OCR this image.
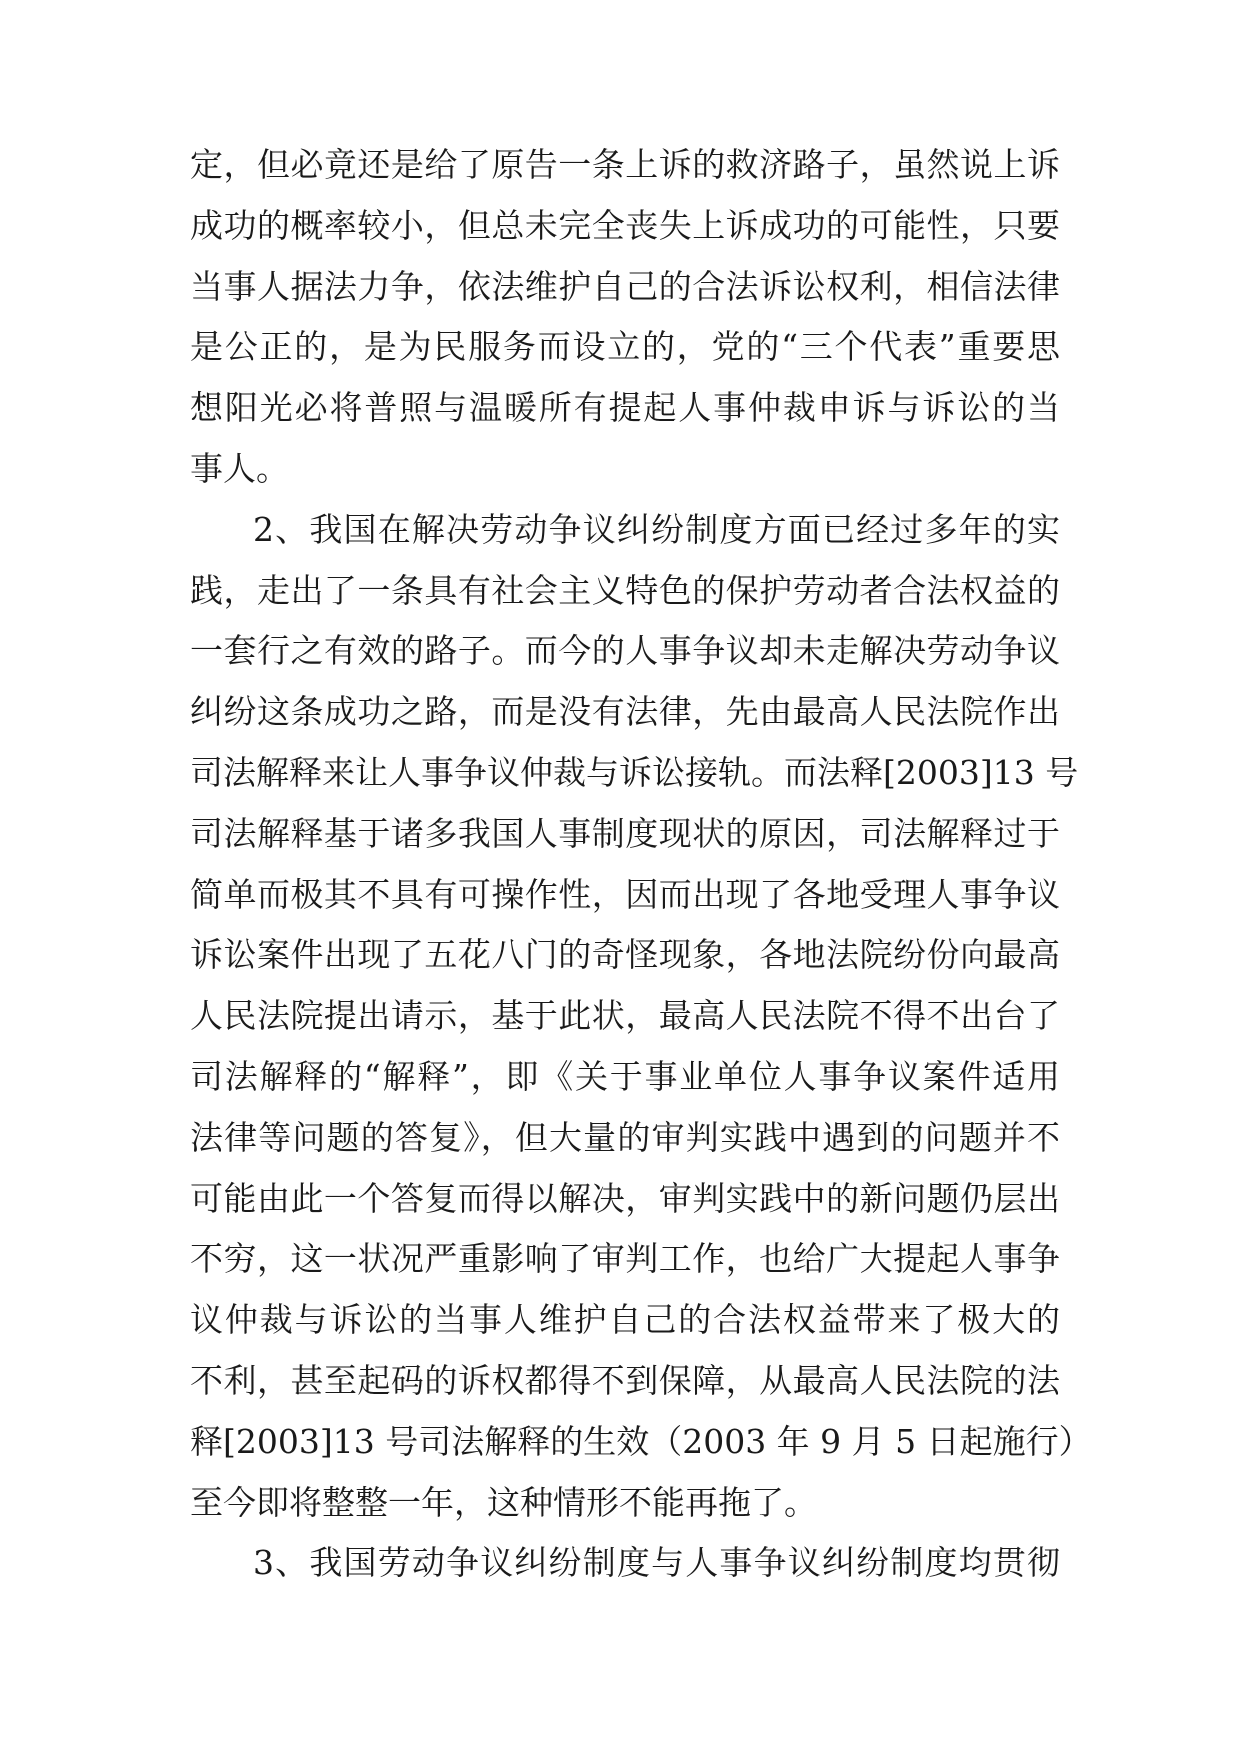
定，但必竟还是给了原告一条上诉的救济路子，虽然说上诉
成功的概率较小，但总未完全丧失上诉成功的可能性，只要
当事人据法力争，依法维护自己的合法诉讼权利，相信法律
是公正的，是为民服务而设立的，党的“三个代表”重要思
想阳光必将普照与温暖所有提起人事仲裁申诉与诉讼的当
事人。
2、我国在解决劳动争议纠纷制度方面已经过多年的实
践，走出了一条具有社会主义特色的保护劳动者合法权益的
一套行之有效的路子。而今的人事争议却未走解决劳动争议
纠纷这条成功之路，而是没有法律，先由最高人民法院作出
司法解释来让人事争议仲裁与诉讼接轨。而法释[2003]13 号
司法解释基于诸多我国人事制度现状的原因，司法解释过于
简单而极其不具有可操作性，因而出现了各地受理人事争议
诉讼案件出现了五花八门的奇怪现象，各地法院纷份向最高
人民法院提出请示，基于此状，最高人民法院不得不出台了
司法解释的“解释”，即《关于事业单位人事争议案件适用
法律等问题的答复》，但大量的审判实践中遇到的问题并不
可能由此一个答复而得以解决，审判实践中的新问题仍层出
不穷，这一状况严重影响了审判工作，也给广大提起人事争
议仲裁与诉讼的当事人维护自己的合法权益带来了极大的
不利，甚至起码的诉权都得不到保障，从最高人民法院的法
释[2003]13 号司法解释的生效（2003 年 9 月 5 日起施行）
至今即将整整一年，这种情形不能再拖了。
3、我国劳动争议纠纷制度与人事争议纠纷制度均贯彻
